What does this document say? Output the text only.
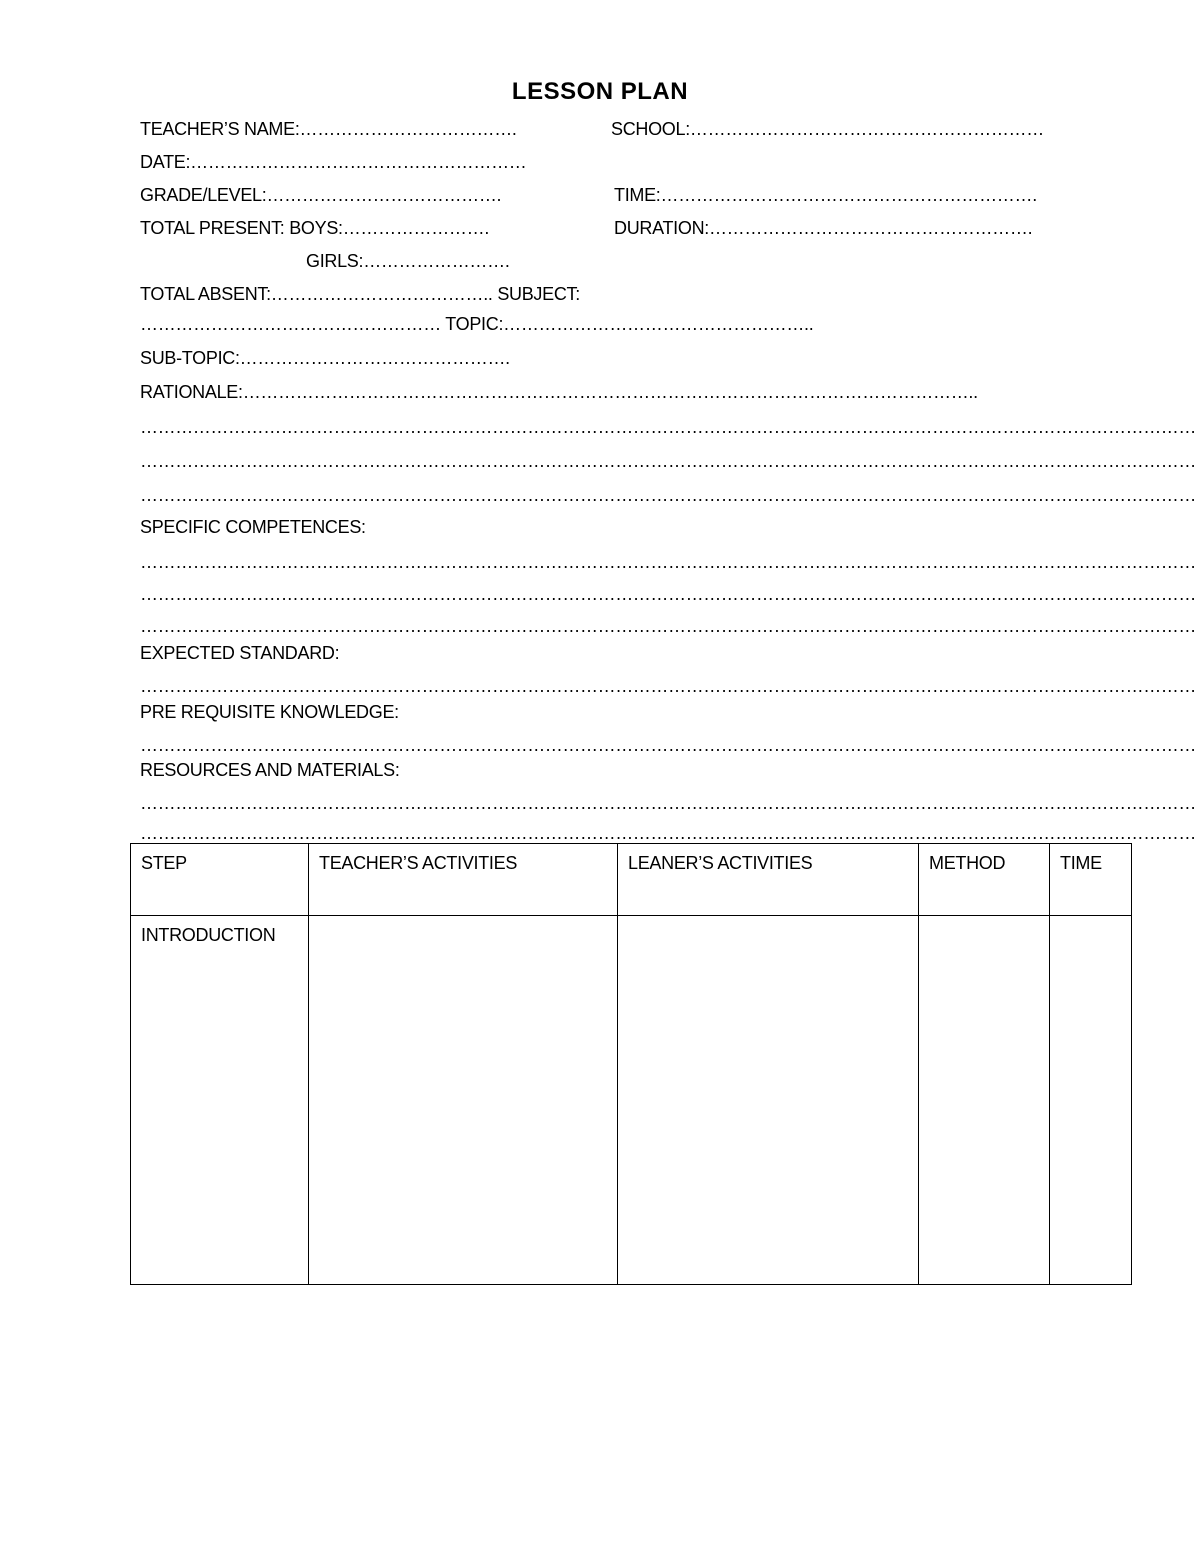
LESSON PLAN
TEACHER’S NAME:……………………………….	SCHOOL:……………………………………………………
DATE:…………………………………………………
GRADE/LEVEL:………………………………….	TIME:……………………………………………………….
TOTAL PRESENT: BOYS:…………………….	DURATION:……………………………………………….
GIRLS:…………………….
TOTAL ABSENT:……………………………….. SUBJECT:
…………………………………………… TOPIC:……………………………………………..
SUB-TOPIC:……………………………………….
RATIONALE:……………………………………………………………………………………………………………..
………………………………………………………………………………………………………………………………………………………………
………………………………………………………………………………………………………………………………………………………………
………………………………………………………………………………………………………………………………………………………………
SPECIFIC COMPETENCES:
………………………………………………………………………………………………………………………………………………………………
………………………………………………………………………………………………………………………………………………………………
………………………………………………………………………………………………………………………………………………………………
EXPECTED STANDARD:
………………………………………………………………………………………………………………………………………………………………
PRE REQUISITE KNOWLEDGE:
………………………………………………………………………………………………………………………………………………………………
RESOURCES AND MATERIALS:
………………………………………………………………………………………………………………………………………………………………
………………………………………………………………………………………………………………………………………………………………
STEP	TEACHER’S ACTIVITIES	LEANER’S ACTIVITIES	METHOD	TIME
INTRODUCTION				
